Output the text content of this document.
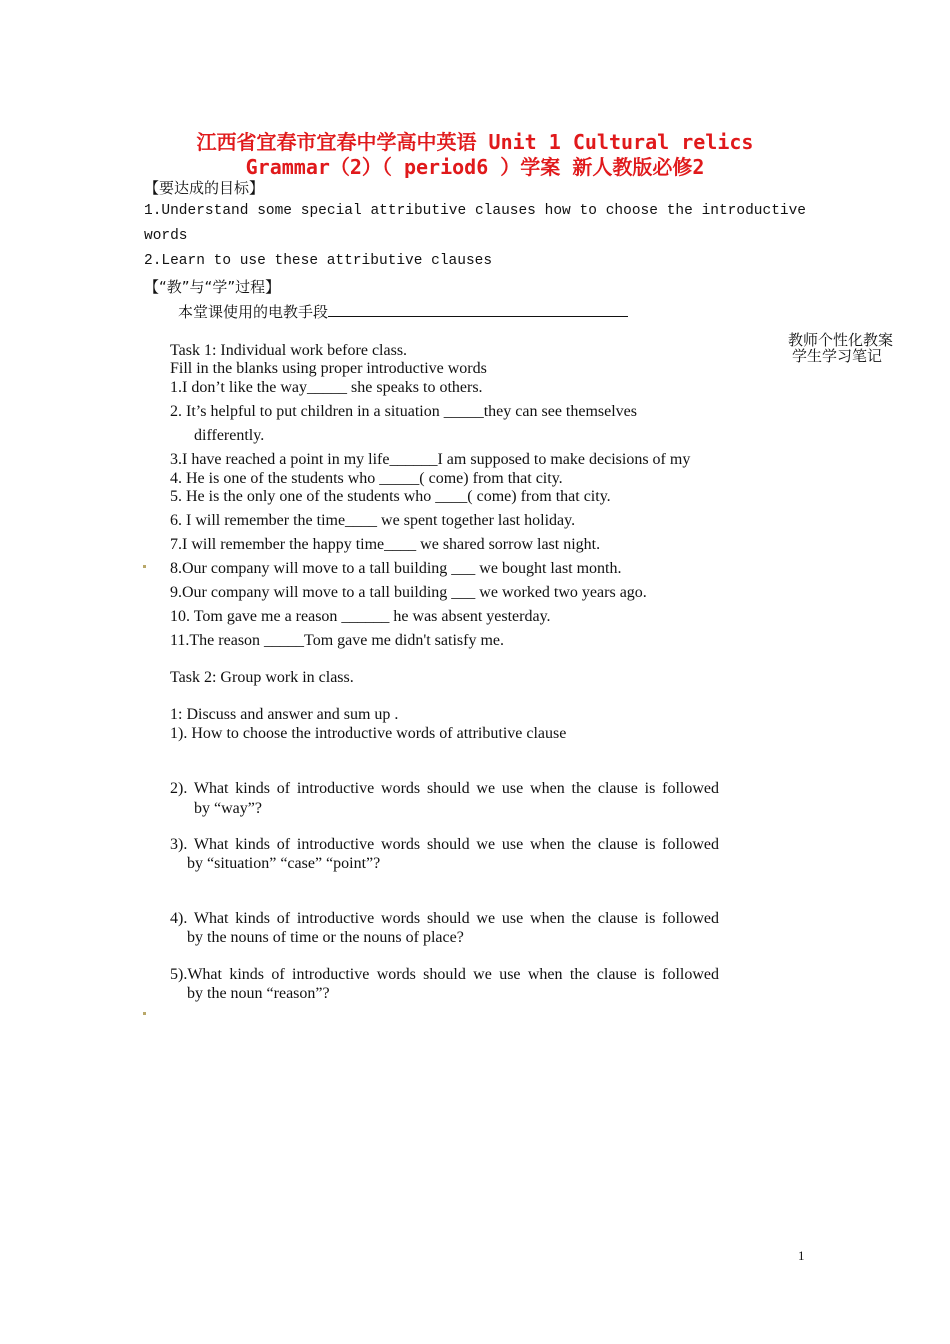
江西省宜春市宜春中学高中英语 Unit 1 Cultural relics
Grammar（2）（ period6 ）学案 新人教版必修2
【要达成的目标】
1.Understand some special attributive clauses how to choose the introductive
words
2.Learn to use these attributive clauses
【“教”与“学”过程】
本堂课使用的电教手段
教师个性化教案
学生学习笔记
Task 1: Individual work before class.
Fill in the blanks using proper introductive words
1.I don’t like the way_____ she speaks to others.
2. It’s helpful to put children in a situation _____they can see themselves
differently.
3.I have reached a point in my life______I am supposed to make decisions of my
4. He is one of the students who _____( come) from that city.
5. He is the only one of the students who ____( come) from that city.
6. I will remember the time____ we spent together last holiday.
7.I will remember the happy time____ we shared sorrow last night.
8.Our company will move to a tall building ___ we bought last month.
9.Our company will move to a tall building ___ we worked two years ago.
10. Tom gave me a reason ______ he was absent yesterday.
11.The reason _____Tom gave me didn't satisfy me.
Task 2: Group work in class.
1: Discuss and answer and sum up .
1). How to choose the introductive words of attributive clause
2). What kinds of introductive words should we use when the clause is followed
by “way”?
3). What kinds of introductive words should we use when the clause is followed
by “situation” “case” “point”?
4). What kinds of introductive words should we use when the clause is followed
by the nouns of time or the nouns of place?
5).What kinds of introductive words should we use when the clause is followed
by the noun “reason”?
1
